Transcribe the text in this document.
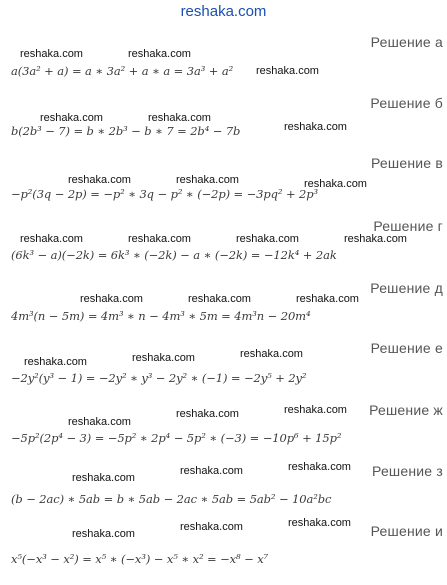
reshaka.com
Решение а
reshaka.com	reshaka.com
reshaka.com
a(3a² + a) = a ∗ 3a² + a ∗ a = 3a³ + a²
Решение б
reshaka.com	reshaka.com
reshaka.com
b(2b³ − 7) = b ∗ 2b³ − b ∗ 7 = 2b⁴ − 7b
Решение в
reshaka.com	reshaka.com	reshaka.com
−p²(3q − 2p) = −p² ∗ 3q − p² ∗ (−2p) = −3pq² + 2p³
Решение г
reshaka.com	reshaka.com	reshaka.com	reshaka.com
(6k³ − a)(−2k) = 6k³ ∗ (−2k) − a ∗ (−2k) = −12k⁴ + 2ak
Решение д
reshaka.com	reshaka.com	reshaka.com
4m³(n − 5m) = 4m³ ∗ n − 4m³ ∗ 5m = 4m³n − 20m⁴
Решение е
reshaka.com	reshaka.com	reshaka.com
−2y²(y³ − 1) = −2y² ∗ y³ − 2y² ∗ (−1) = −2y⁵ + 2y²
Решение ж
reshaka.com
reshaka.com	reshaka.com
−5p²(2p⁴ − 3) = −5p² ∗ 2p⁴ − 5p² ∗ (−3) = −10p⁶ + 15p²
Решение з
reshaka.com
reshaka.com	reshaka.com
(b − 2ac) ∗ 5ab = b ∗ 5ab − 2ac ∗ 5ab = 5ab² − 10a²bc
Решение и
reshaka.com
reshaka.com	reshaka.com
x⁵(−x³ − x²) = x⁵ ∗ (−x³) − x⁵ ∗ x² = −x⁸ − x⁷
